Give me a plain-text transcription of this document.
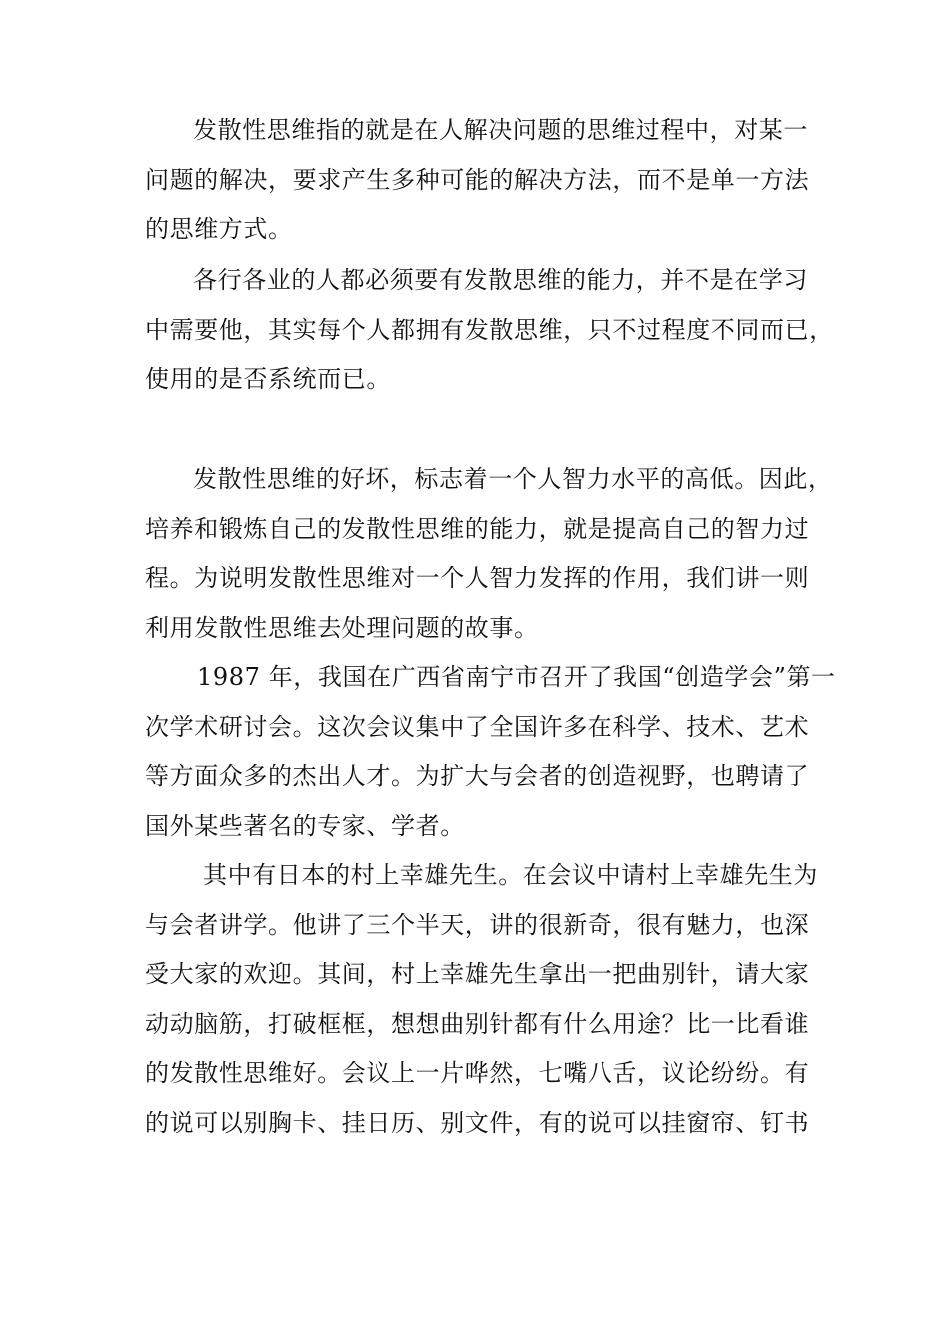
发散性思维指的就是在人解决问题的思维过程中，对某一
问题的解决，要求产生多种可能的解决方法，而不是单一方法
的思维方式。
各行各业的人都必须要有发散思维的能力，并不是在学习
中需要他，其实每个人都拥有发散思维，只不过程度不同而已，
使用的是否系统而已。
发散性思维的好坏，标志着一个人智力水平的高低。因此，
培养和锻炼自己的发散性思维的能力，就是提高自己的智力过
程。为说明发散性思维对一个人智力发挥的作用，我们讲一则
利用发散性思维去处理问题的故事。
1987 年，我国在广西省南宁市召开了我国“创造学会”第一
次学术研讨会。这次会议集中了全国许多在科学、技术、艺术
等方面众多的杰出人才。为扩大与会者的创造视野，也聘请了
国外某些著名的专家、学者。
其中有日本的村上幸雄先生。在会议中请村上幸雄先生为
与会者讲学。他讲了三个半天，讲的很新奇，很有魅力，也深
受大家的欢迎。其间，村上幸雄先生拿出一把曲别针，请大家
动动脑筋，打破框框，想想曲别针都有什么用途？比一比看谁
的发散性思维好。会议上一片哗然，七嘴八舌，议论纷纷。有
的说可以别胸卡、挂日历、别文件，有的说可以挂窗帘、钉书
